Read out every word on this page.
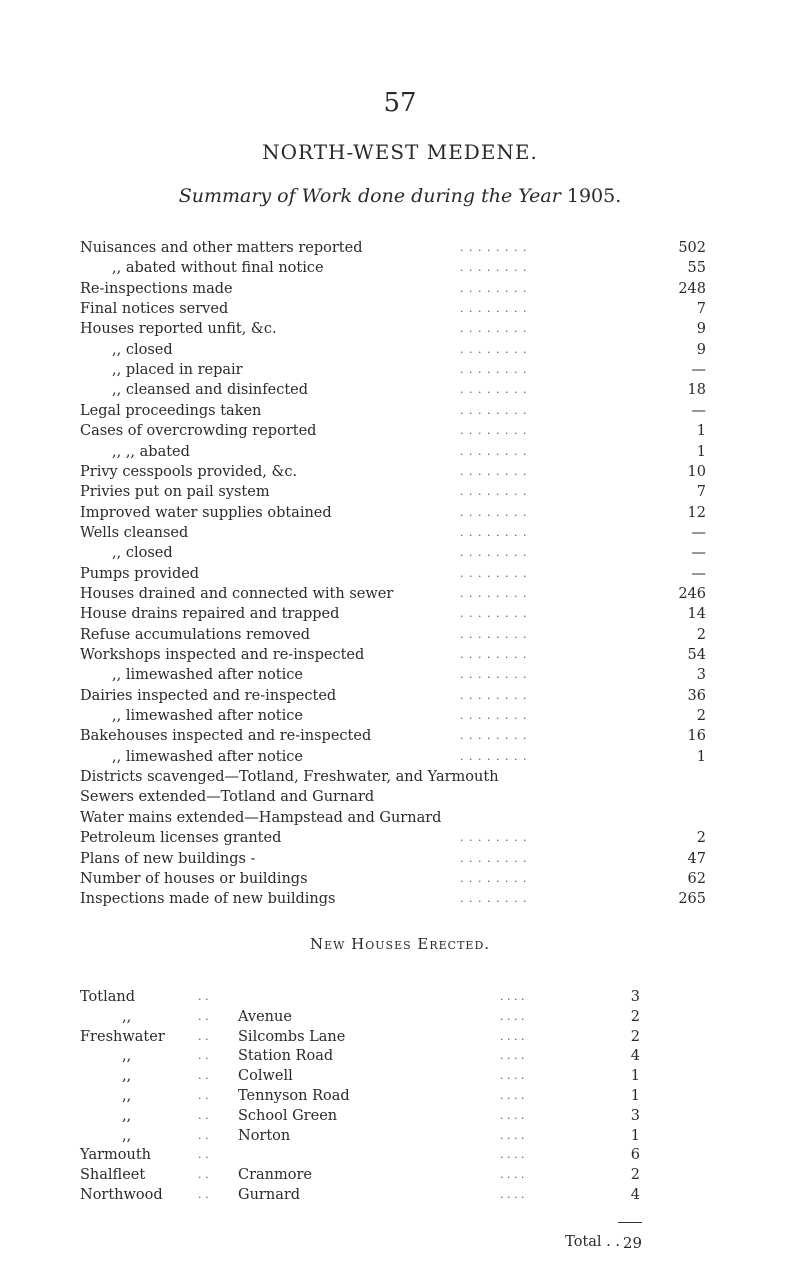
57
NORTH-WEST MEDENE.
Summary of Work done during the Year 1905.
Nuisances and other matters reported	. . . . . . . .	502
,, abated without final notice	. . . . . . . .	55
Re-inspections made	. . . . . . . .	248
Final notices served	. . . . . . . .	7
Houses reported unfit, &c.	. . . . . . . .	9
,, closed	. . . . . . . .	9
,, placed in repair	. . . . . . . .	—
,, cleansed and disinfected	. . . . . . . .	18
Legal proceedings taken	. . . . . . . .	—
Cases of overcrowding reported	. . . . . . . .	1
,, ,, abated	. . . . . . . .	1
Privy cesspools provided, &c.	. . . . . . . .	10
Privies put on pail system	. . . . . . . .	7
Improved water supplies obtained	. . . . . . . .	12
Wells cleansed	. . . . . . . .	—
,, closed	. . . . . . . .	—
Pumps provided	. . . . . . . .	—
Houses drained and connected with sewer	. . . . . . . .	246
House drains repaired and trapped	. . . . . . . .	14
Refuse accumulations removed	. . . . . . . .	2
Workshops inspected and re-inspected	. . . . . . . .	54
,, limewashed after notice	. . . . . . . .	3
Dairies inspected and re-inspected	. . . . . . . .	36
,, limewashed after notice	. . . . . . . .	2
Bakehouses inspected and re-inspected	. . . . . . . .	16
,, limewashed after notice	. . . . . . . .	1
Districts scavenged—Totland, Freshwater, and Yarmouth
Sewers extended—Totland and Gurnard
Water mains extended—Hampstead and Gurnard
Petroleum licenses granted	. . . . . . . .	2
Plans of new buildings -	. . . . . . . .	47
Number of houses or buildings	. . . . . . . .	62
Inspections made of new buildings	. . . . . . . .	265
New Houses Erected.
Totland	. .	. . . .	3
,,	. . Avenue	. . . .	2
Freshwater	. . Silcombs Lane	. . . .	2
,,	. . Station Road	. . . .	4
,,	. . Colwell	. . . .	1
,,	. . Tennyson Road	. . . .	1
,,	. . School Green	. . . .	3
,,	. . Norton	. . . .	1
Yarmouth	. .	. . . .	6
Shalfleet	. . Cranmore	. . . .	2
Northwood	. . Gurnard	. . . .	4
Total . . 29
